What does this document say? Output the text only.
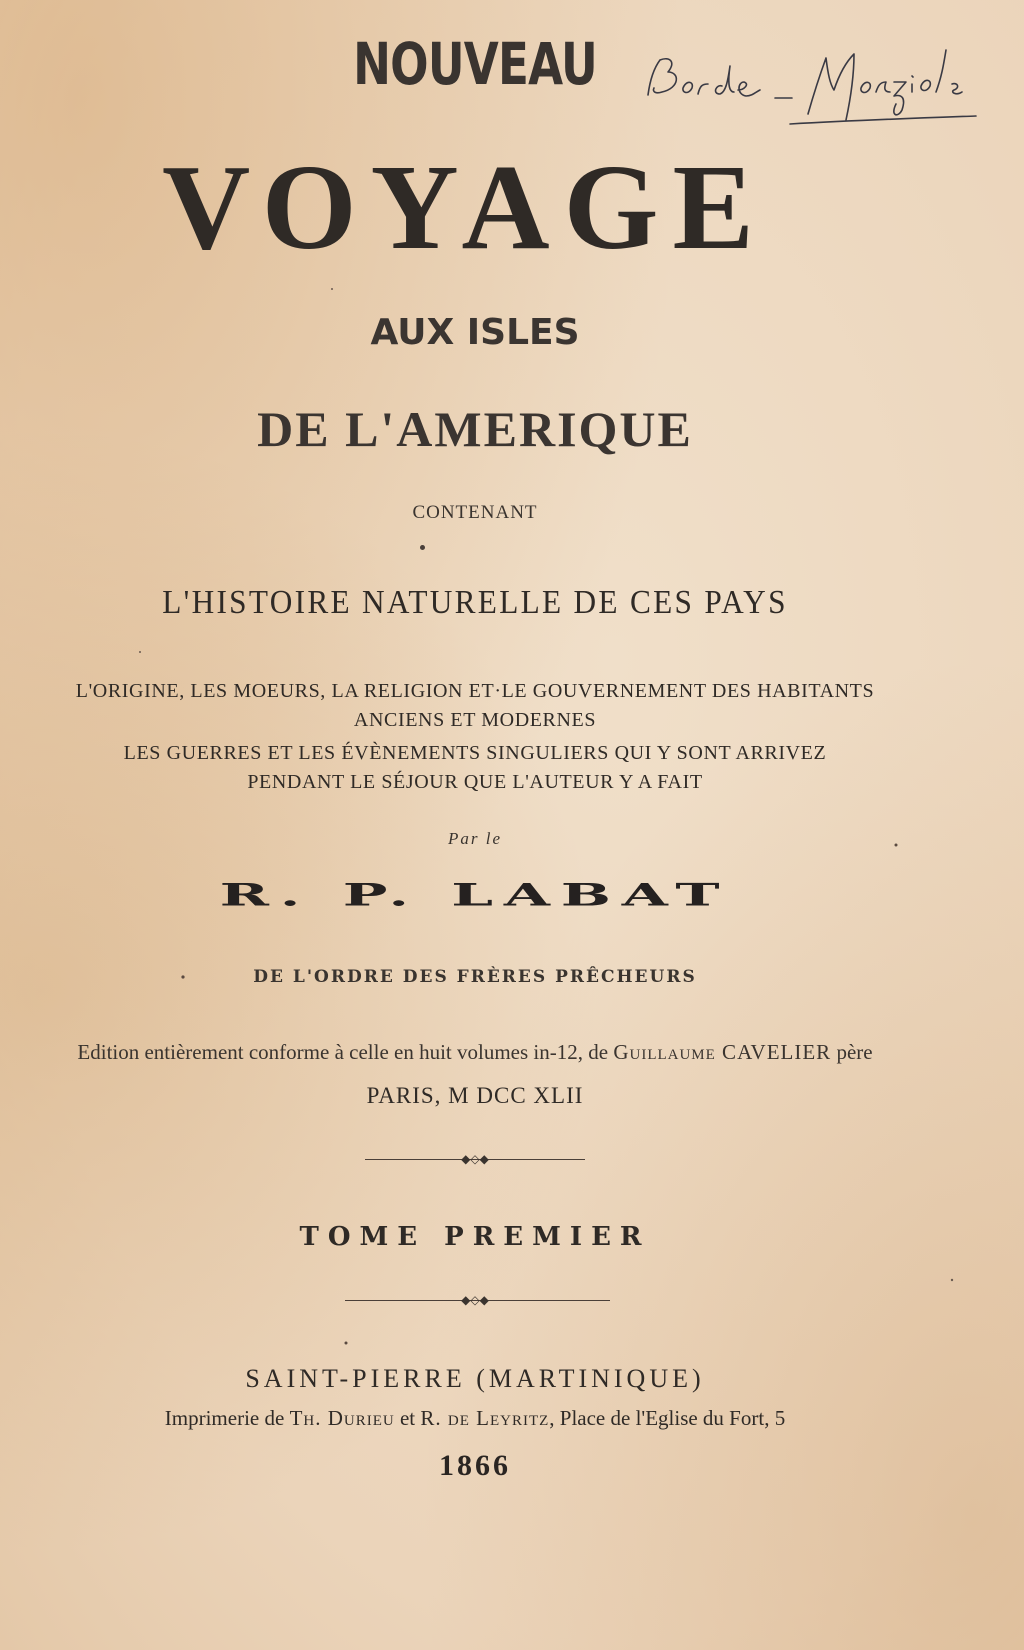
NOUVEAU

VOYAGE

AUX ISLES

DE L'AMERIQUE

CONTENANT

L'HISTOIRE NATURELLE DE CES PAYS

L'ORIGINE, LES MOEURS, LA RELIGION ET·LE GOUVERNEMENT DES HABITANTS

ANCIENS ET MODERNES

LES GUERRES ET LES ÉVÈNEMENTS SINGULIERS QUI Y SONT ARRIVEZ

PENDANT LE SÉJOUR QUE L'AUTEUR Y A FAIT

Par le

R. P. LABAT

DE L'ORDRE DES FRÈRES PRÊCHEURS

Edition entièrement conforme à celle en huit volumes in-12, de Guillaume CAVELIER père

PARIS, M DCC XLII

◆◇◆

TOME PREMIER

◆◇◆

SAINT-PIERRE (MARTINIQUE)

Imprimerie de Th. Durieu et R. de Leyritz, Place de l'Eglise du Fort, 5

1866
